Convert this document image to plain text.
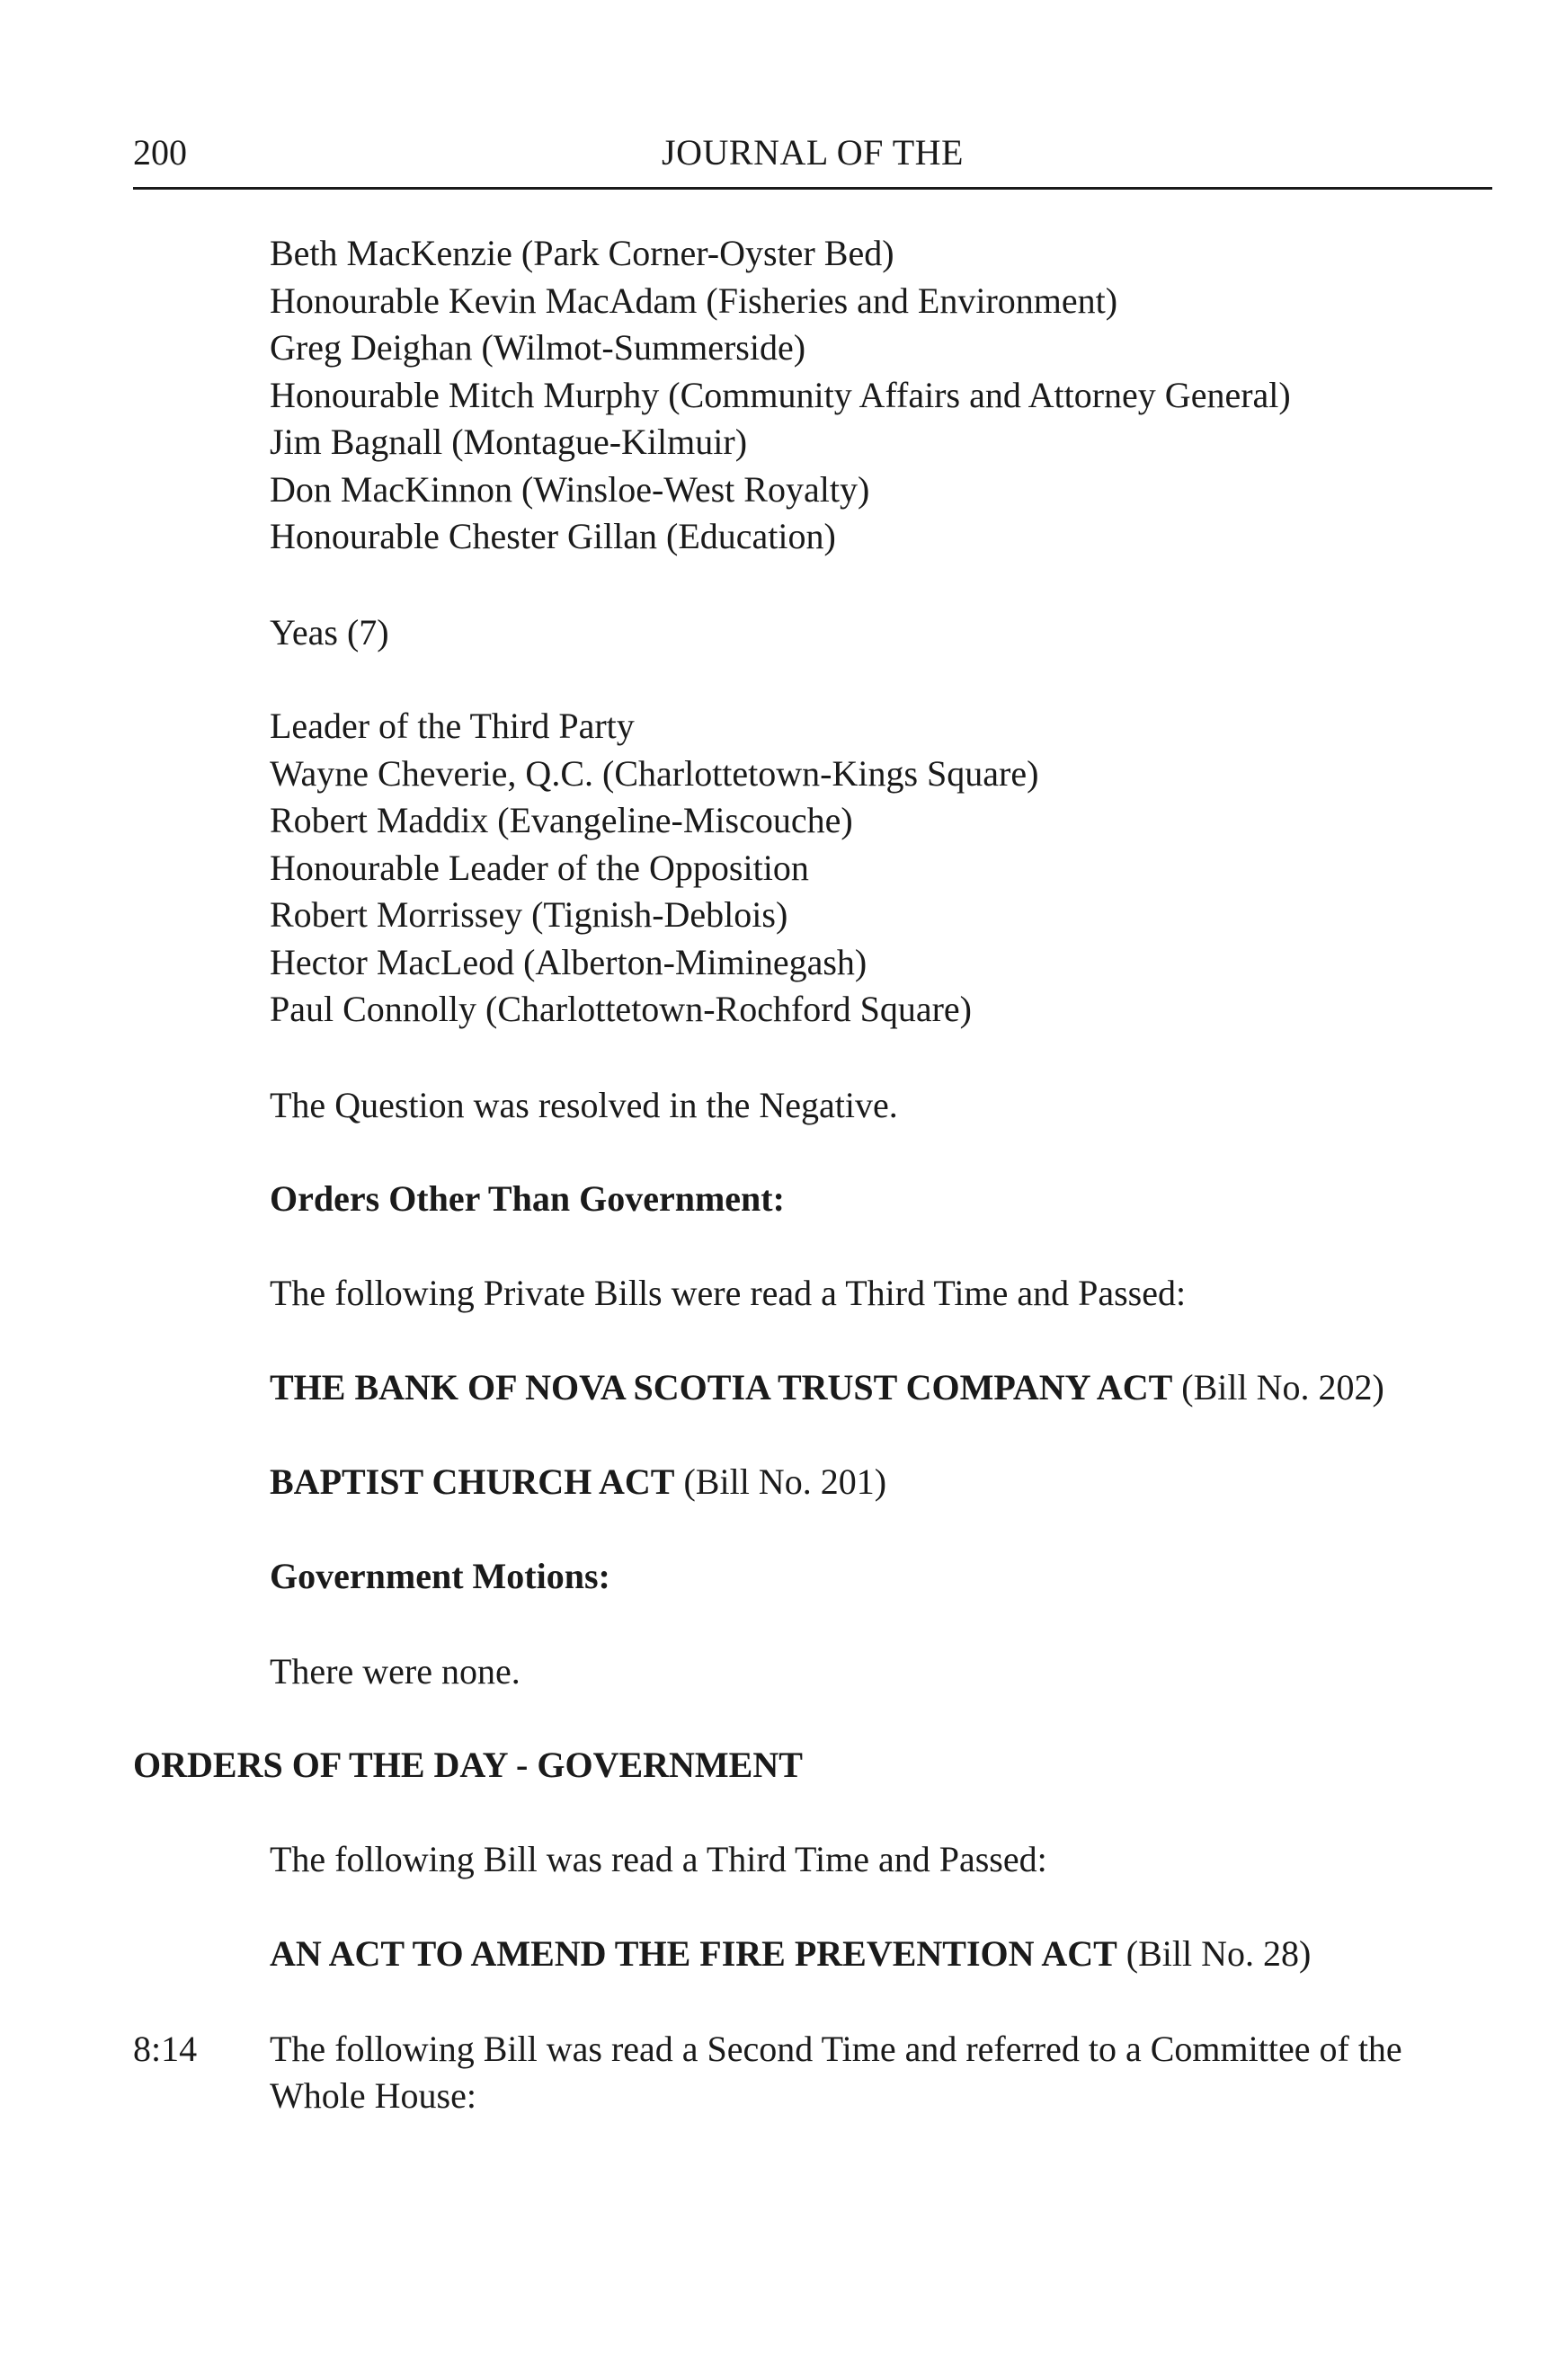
200	JOURNAL OF THE
Beth MacKenzie (Park Corner-Oyster Bed)
Honourable Kevin MacAdam (Fisheries and Environment)
Greg Deighan (Wilmot-Summerside)
Honourable Mitch Murphy (Community Affairs and Attorney General)
Jim Bagnall (Montague-Kilmuir)
Don MacKinnon (Winsloe-West Royalty)
Honourable Chester Gillan (Education)
Yeas (7)
Leader of the Third Party
Wayne Cheverie, Q.C. (Charlottetown-Kings Square)
Robert Maddix (Evangeline-Miscouche)
Honourable Leader of the Opposition
Robert Morrissey (Tignish-Deblois)
Hector MacLeod (Alberton-Miminegash)
Paul Connolly (Charlottetown-Rochford Square)
The Question was resolved in the Negative.
Orders Other Than Government:
The following Private Bills were read a Third Time and Passed:
THE BANK OF NOVA SCOTIA TRUST COMPANY ACT (Bill No. 202)
BAPTIST CHURCH ACT (Bill No. 201)
Government Motions:
There were none.
ORDERS OF THE DAY - GOVERNMENT
The following Bill was read a Third Time and Passed:
AN ACT TO AMEND THE FIRE PREVENTION ACT (Bill No. 28)
8:14 The following Bill was read a Second Time and referred to a Committee of the
Whole House:
